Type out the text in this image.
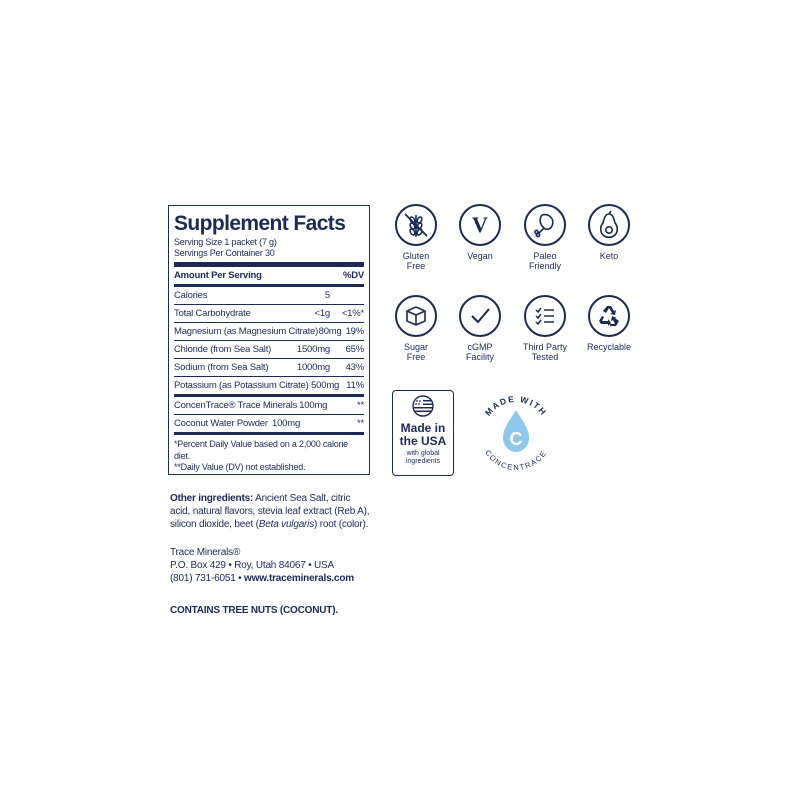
Supplement Facts
Serving Size 1 packet (7 g)
Servings Per Container 30
Amount Per Serving	%DV
Calories	5
Total Carbohydrate	<1g	<1%*
Magnesium (as Magnesium Citrate) 80mg 19%
Chloride (from Sea Salt)	1500mg	65%
Sodium (from Sea Salt)	1000mg	43%
Potassium (as Potassium Citrate) 500mg 11%
ConcenTrace® Trace Minerals 100mg	**
Coconut Water Powder 100mg	**
*Percent Daily Value based on a 2,000 calorie diet.
**Daily Value (DV) not established.
Other ingredients: Ancient Sea Salt, citric
acid, natural flavors, stevia leaf extract (Reb A),
silicon dioxide, beet (Beta vulgaris) root (color).
Trace Minerals®
P.O. Box 429 • Roy, Utah 84067 • USA
(801) 731-6051 • www.traceminerals.com
CONTAINS TREE NUTS (COCONUT).
Gluten
Free
V
Vegan	Paleo
Friendly
Keto
Sugar
Free
cGMP
Facility
Third Party
Tested
Recyclable
Made in
the USA
with global
ingredients
MADE WITH
CONCENTRACE
C
